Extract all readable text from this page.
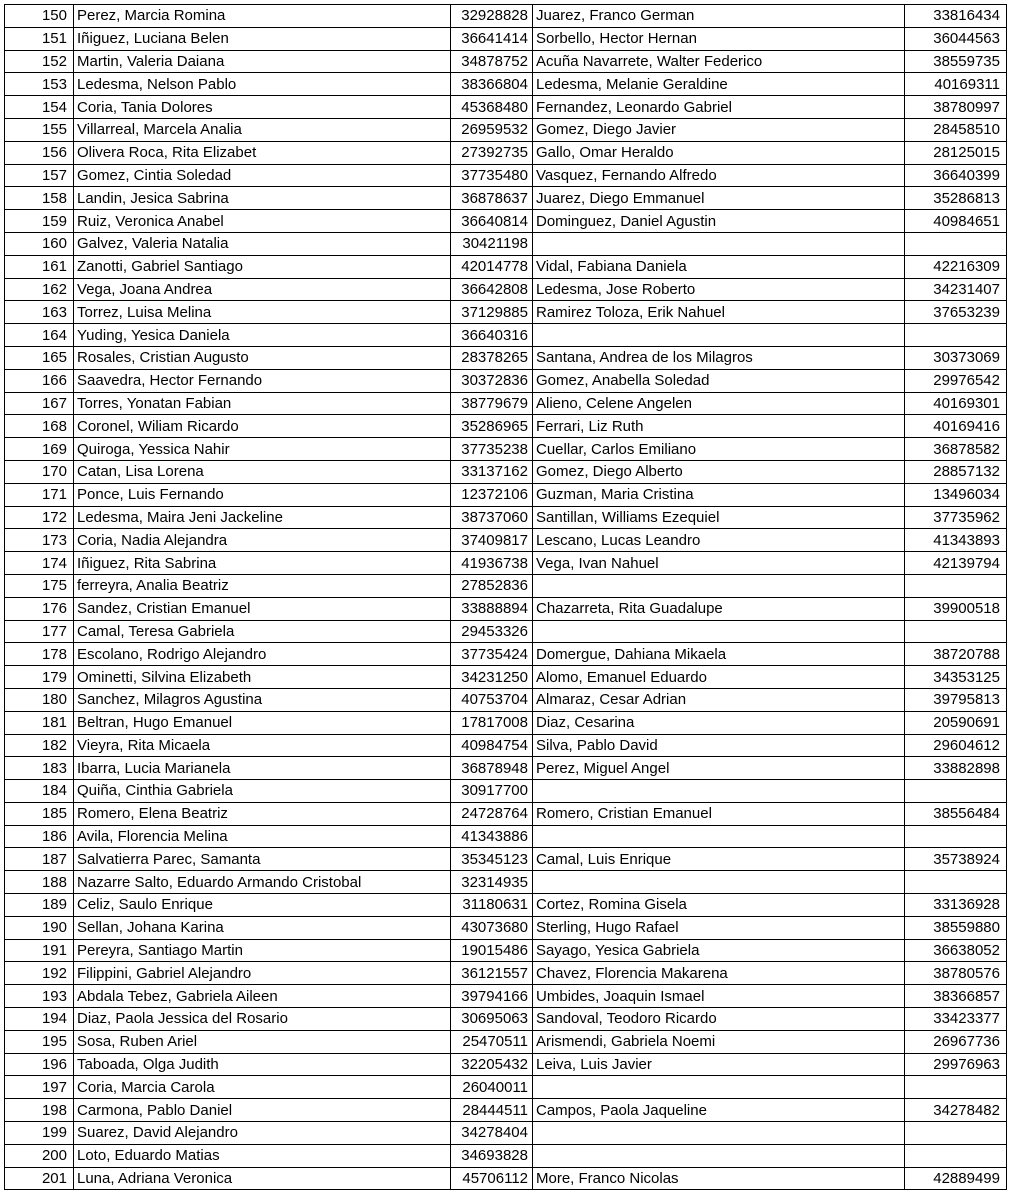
150	Perez, Marcia Romina	32928828	Juarez, Franco German	33816434
151	Iñiguez, Luciana Belen	36641414	Sorbello, Hector Hernan	36044563
152	Martin, Valeria Daiana	34878752	Acuña Navarrete, Walter Federico	38559735
153	Ledesma, Nelson Pablo	38366804	Ledesma, Melanie Geraldine	40169311
154	Coria, Tania Dolores	45368480	Fernandez, Leonardo Gabriel	38780997
155	Villarreal, Marcela Analia	26959532	Gomez, Diego Javier	28458510
156	Olivera Roca, Rita Elizabet	27392735	Gallo, Omar Heraldo	28125015
157	Gomez, Cintia Soledad	37735480	Vasquez, Fernando Alfredo	36640399
158	Landin, Jesica Sabrina	36878637	Juarez, Diego Emmanuel	35286813
159	Ruiz, Veronica Anabel	36640814	Dominguez, Daniel Agustin	40984651
160	Galvez, Valeria Natalia	30421198		
161	Zanotti, Gabriel Santiago	42014778	Vidal, Fabiana Daniela	42216309
162	Vega, Joana Andrea	36642808	Ledesma, Jose Roberto	34231407
163	Torrez, Luisa Melina	37129885	Ramirez Toloza, Erik Nahuel	37653239
164	Yuding, Yesica Daniela	36640316		
165	Rosales, Cristian Augusto	28378265	Santana, Andrea de los Milagros	30373069
166	Saavedra, Hector Fernando	30372836	Gomez, Anabella Soledad	29976542
167	Torres, Yonatan Fabian	38779679	Alieno, Celene Angelen	40169301
168	Coronel, Wiliam Ricardo	35286965	Ferrari, Liz Ruth	40169416
169	Quiroga, Yessica Nahir	37735238	Cuellar, Carlos Emiliano	36878582
170	Catan, Lisa Lorena	33137162	Gomez, Diego Alberto	28857132
171	Ponce, Luis Fernando	12372106	Guzman, Maria Cristina	13496034
172	Ledesma, Maira Jeni Jackeline	38737060	Santillan, Williams Ezequiel	37735962
173	Coria, Nadia Alejandra	37409817	Lescano, Lucas Leandro	41343893
174	Iñiguez, Rita Sabrina	41936738	Vega, Ivan Nahuel	42139794
175	ferreyra, Analia Beatriz	27852836		
176	Sandez, Cristian Emanuel	33888894	Chazarreta, Rita Guadalupe	39900518
177	Camal, Teresa Gabriela	29453326		
178	Escolano, Rodrigo Alejandro	37735424	Domergue, Dahiana Mikaela	38720788
179	Ominetti, Silvina Elizabeth	34231250	Alomo, Emanuel Eduardo	34353125
180	Sanchez, Milagros Agustina	40753704	Almaraz, Cesar Adrian	39795813
181	Beltran, Hugo Emanuel	17817008	Diaz, Cesarina	20590691
182	Vieyra, Rita Micaela	40984754	Silva, Pablo David	29604612
183	Ibarra, Lucia Marianela	36878948	Perez, Miguel Angel	33882898
184	Quiña, Cinthia Gabriela	30917700		
185	Romero, Elena Beatriz	24728764	Romero, Cristian Emanuel	38556484
186	Avila, Florencia Melina	41343886		
187	Salvatierra Parec, Samanta	35345123	Camal, Luis Enrique	35738924
188	Nazarre Salto, Eduardo Armando Cristobal	32314935		
189	Celiz, Saulo Enrique	31180631	Cortez, Romina Gisela	33136928
190	Sellan, Johana Karina	43073680	Sterling, Hugo Rafael	38559880
191	Pereyra, Santiago Martin	19015486	Sayago, Yesica Gabriela	36638052
192	Filippini, Gabriel Alejandro	36121557	Chavez, Florencia Makarena	38780576
193	Abdala Tebez, Gabriela Aileen	39794166	Umbides, Joaquin Ismael	38366857
194	Diaz, Paola Jessica del Rosario	30695063	Sandoval, Teodoro Ricardo	33423377
195	Sosa, Ruben Ariel	25470511	Arismendi, Gabriela Noemi	26967736
196	Taboada, Olga Judith	32205432	Leiva, Luis Javier	29976963
197	Coria, Marcia Carola	26040011		
198	Carmona, Pablo Daniel	28444511	Campos, Paola Jaqueline	34278482
199	Suarez, David Alejandro	34278404		
200	Loto, Eduardo Matias	34693828		
201	Luna, Adriana Veronica	45706112	More, Franco Nicolas	42889499
